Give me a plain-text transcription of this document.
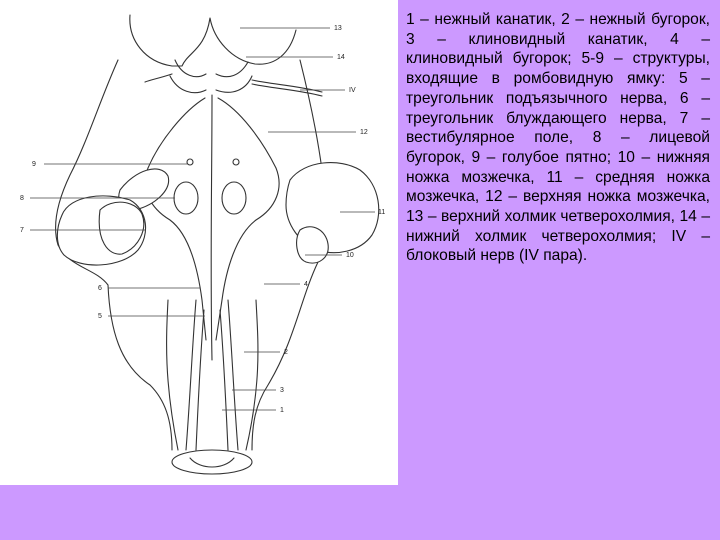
13
14
IV
12
9
8
7
11
10
6
5
4
2
3
1
1 – нежный канатик, 2 – нежный бугорок, 3 – клиновидный канатик, 4 – клиновидный бугорок; 5-9 – структуры, входящие в ромбовидную ямку: 5 – треугольник подъязычного нерва, 6 – треугольник блуждающего нерва, 7 – вестибулярное поле, 8 – лицевой бугорок, 9 – голубое пятно; 10 – нижняя ножка мозжечка, 11 – средняя ножка мозжечка, 12 – верхняя ножка мозжечка, 13 – верхний холмик четверохолмия, 14 – нижний холмик четверохолмия; IV – блоковый нерв (IV пара).
